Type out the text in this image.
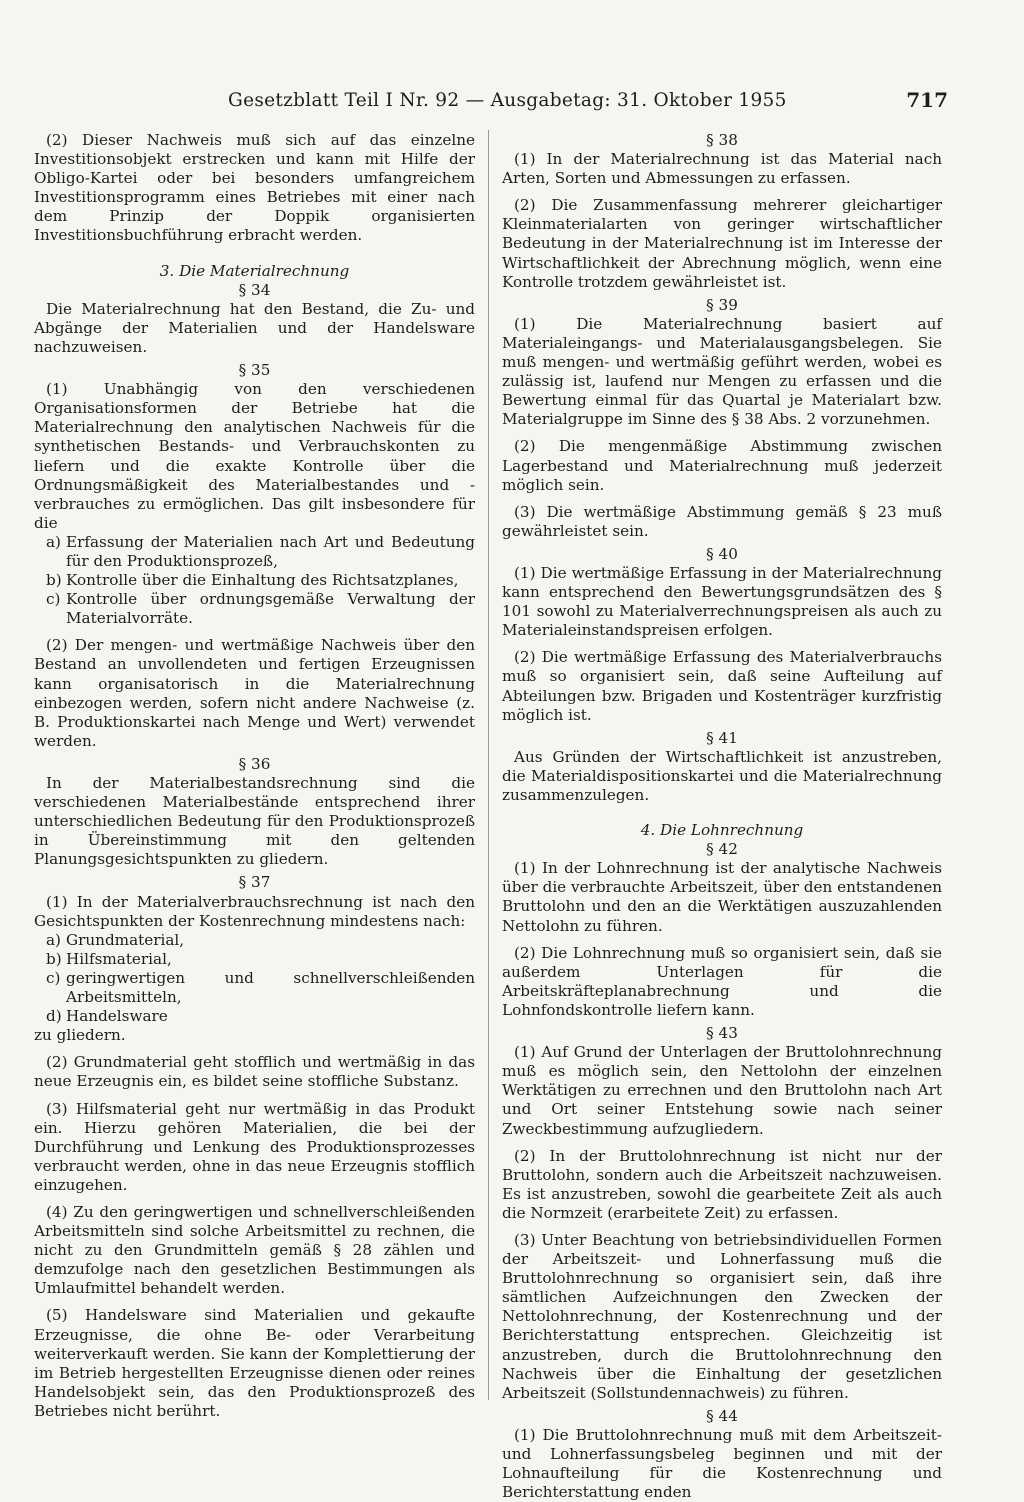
Gesetzblatt Teil I Nr. 92 — Ausgabetag: 31. Oktober 1955	717

(2) Dieser Nachweis muß sich auf das einzelne Investitionsobjekt erstrecken und kann mit Hilfe der Obligo-Kartei oder bei besonders umfangreichem Investitionsprogramm eines Betriebes mit einer nach dem Prinzip der Doppik organisierten Investitionsbuchführung erbracht werden.

3. Die Materialrechnung

§ 34

Die Materialrechnung hat den Bestand, die Zu- und Abgänge der Materialien und der Handelsware nachzuweisen.

§ 35

(1) Unabhängig von den verschiedenen Organisationsformen der Betriebe hat die Materialrechnung den analytischen Nachweis für die synthetischen Bestands- und Verbrauchskonten zu liefern und die exakte Kontrolle über die Ordnungsmäßigkeit des Materialbestandes und -verbrauches zu ermöglichen. Das gilt insbesondere für die

a) Erfassung der Materialien nach Art und Bedeutung für den Produktionsprozeß,
b) Kontrolle über die Einhaltung des Richtsatzplanes,
c) Kontrolle über ordnungsgemäße Verwaltung der Materialvorräte.

(2) Der mengen- und wertmäßige Nachweis über den Bestand an unvollendeten und fertigen Erzeugnissen kann organisatorisch in die Materialrechnung einbezogen werden, sofern nicht andere Nachweise (z. B. Produktionskartei nach Menge und Wert) verwendet werden.

§ 36

In der Materialbestandsrechnung sind die verschiedenen Materialbestände entsprechend ihrer unterschiedlichen Bedeutung für den Produktionsprozeß in Übereinstimmung mit den geltenden Planungsgesichtspunkten zu gliedern.

§ 37

(1) In der Materialverbrauchsrechnung ist nach den Gesichtspunkten der Kostenrechnung mindestens nach:

a) Grundmaterial,
b) Hilfsmaterial,
c) geringwertigen und schnellverschleißenden Arbeitsmitteln,
d) Handelsware

zu gliedern.

(2) Grundmaterial geht stofflich und wertmäßig in das neue Erzeugnis ein, es bildet seine stoffliche Substanz.

(3) Hilfsmaterial geht nur wertmäßig in das Produkt ein. Hierzu gehören Materialien, die bei der Durchführung und Lenkung des Produktionsprozesses verbraucht werden, ohne in das neue Erzeugnis stofflich einzugehen.

(4) Zu den geringwertigen und schnellverschleißenden Arbeitsmitteln sind solche Arbeitsmittel zu rechnen, die nicht zu den Grundmitteln gemäß § 28 zählen und demzufolge nach den gesetzlichen Bestimmungen als Umlaufmittel behandelt werden.

(5) Handelsware sind Materialien und gekaufte Erzeugnisse, die ohne Be- oder Verarbeitung weiterverkauft werden. Sie kann der Komplettierung der im Betrieb hergestellten Erzeugnisse dienen oder reines Handelsobjekt sein, das den Produktionsprozeß des Betriebes nicht berührt.

§ 38

(1) In der Materialrechnung ist das Material nach Arten, Sorten und Abmessungen zu erfassen.

(2) Die Zusammenfassung mehrerer gleichartiger Kleinmaterialarten von geringer wirtschaftlicher Bedeutung in der Materialrechnung ist im Interesse der Wirtschaftlichkeit der Abrechnung möglich, wenn eine Kontrolle trotzdem gewährleistet ist.

§ 39

(1) Die Materialrechnung basiert auf Materialeingangs- und Materialausgangsbelegen. Sie muß mengen- und wertmäßig geführt werden, wobei es zulässig ist, laufend nur Mengen zu erfassen und die Bewertung einmal für das Quartal je Materialart bzw. Materialgruppe im Sinne des § 38 Abs. 2 vorzunehmen.

(2) Die mengenmäßige Abstimmung zwischen Lagerbestand und Materialrechnung muß jederzeit möglich sein.

(3) Die wertmäßige Abstimmung gemäß § 23 muß gewährleistet sein.

§ 40

(1) Die wertmäßige Erfassung in der Materialrechnung kann entsprechend den Bewertungsgrundsätzen des § 101 sowohl zu Materialverrechnungspreisen als auch zu Materialeinstandspreisen erfolgen.

(2) Die wertmäßige Erfassung des Materialverbrauchs muß so organisiert sein, daß seine Aufteilung auf Abteilungen bzw. Brigaden und Kostenträger kurzfristig möglich ist.

§ 41

Aus Gründen der Wirtschaftlichkeit ist anzustreben, die Materialdispositionskartei und die Materialrechnung zusammenzulegen.

4. Die Lohnrechnung

§ 42

(1) In der Lohnrechnung ist der analytische Nachweis über die verbrauchte Arbeitszeit, über den entstandenen Bruttolohn und den an die Werktätigen auszuzahlenden Nettolohn zu führen.

(2) Die Lohnrechnung muß so organisiert sein, daß sie außerdem Unterlagen für die Arbeitskräfteplanabrechnung und die Lohnfondskontrolle liefern kann.

§ 43

(1) Auf Grund der Unterlagen der Bruttolohnrechnung muß es möglich sein, den Nettolohn der einzelnen Werktätigen zu errechnen und den Bruttolohn nach Art und Ort seiner Entstehung sowie nach seiner Zweckbestimmung aufzugliedern.

(2) In der Bruttolohnrechnung ist nicht nur der Bruttolohn, sondern auch die Arbeitszeit nachzuweisen. Es ist anzustreben, sowohl die gearbeitete Zeit als auch die Normzeit (erarbeitete Zeit) zu erfassen.

(3) Unter Beachtung von betriebsindividuellen Formen der Arbeitszeit- und Lohnerfassung muß die Bruttolohnrechnung so organisiert sein, daß ihre sämtlichen Aufzeichnungen den Zwecken der Nettolohnrechnung, der Kostenrechnung und der Berichterstattung entsprechen. Gleichzeitig ist anzustreben, durch die Bruttolohnrechnung den Nachweis über die Einhaltung der gesetzlichen Arbeitszeit (Sollstundennachweis) zu führen.

§ 44

(1) Die Bruttolohnrechnung muß mit dem Arbeitszeit- und Lohnerfassungsbeleg beginnen und mit der Lohnaufteilung für die Kostenrechnung und Berichterstattung enden
